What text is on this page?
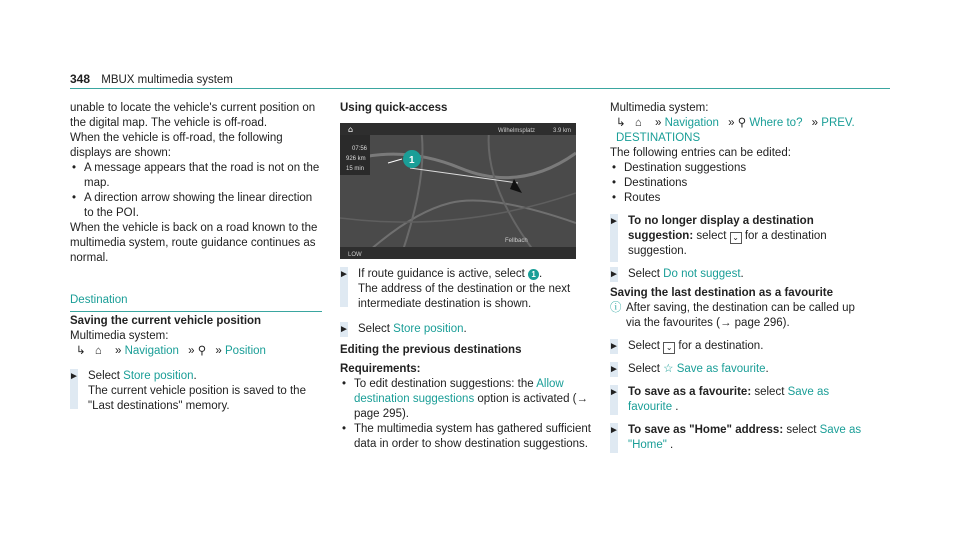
348 MBUX multimedia system

unable to locate the vehicle's current position on the digital map. The vehicle is off-road.

When the vehicle is off-road, the following displays are shown:

• A message appears that the road is not on the map.
• A direction arrow showing the linear direction to the POI.

When the vehicle is back on a road known to the multimedia system, route guidance continues as normal.

Destination

Saving the current vehicle position

Multimedia system:

↳ ⌂ » Navigation » ⚲ » Position

► Select Store position.

The current vehicle position is saved to the "Last destinations" memory.

Using quick-access

⌂	Wilhelmsplatz	3.9 km
07:56
926 km
15 min
Fellbach
LOW
1
► If route guidance is active, select 1 .

The address of the destination or the next intermediate destination is shown.

► Select Store position.

Editing the previous destinations

Requirements:

• To edit destination suggestions: the Allow destination suggestions option is activated (→ page 295).
• The multimedia system has gathered sufficient data in order to show destination suggestions.

Multimedia system:

↳ ⌂ » Navigation » ⚲ Where to? » PREV. DESTINATIONS

The following entries can be edited:

• Destination suggestions
• Destinations
• Routes
► To no longer display a destination suggestion: select ⌄ for a destination suggestion.

► Select Do not suggest.

Saving the last destination as a favourite

ⓘ After saving, the destination can be called up via the favourites (→ page 296).

► Select ⌄ for a destination.

► Select ☆ Save as favourite.

► To save as a favourite: select Save as favourite .

► To save as "Home" address: select Save as "Home" .
